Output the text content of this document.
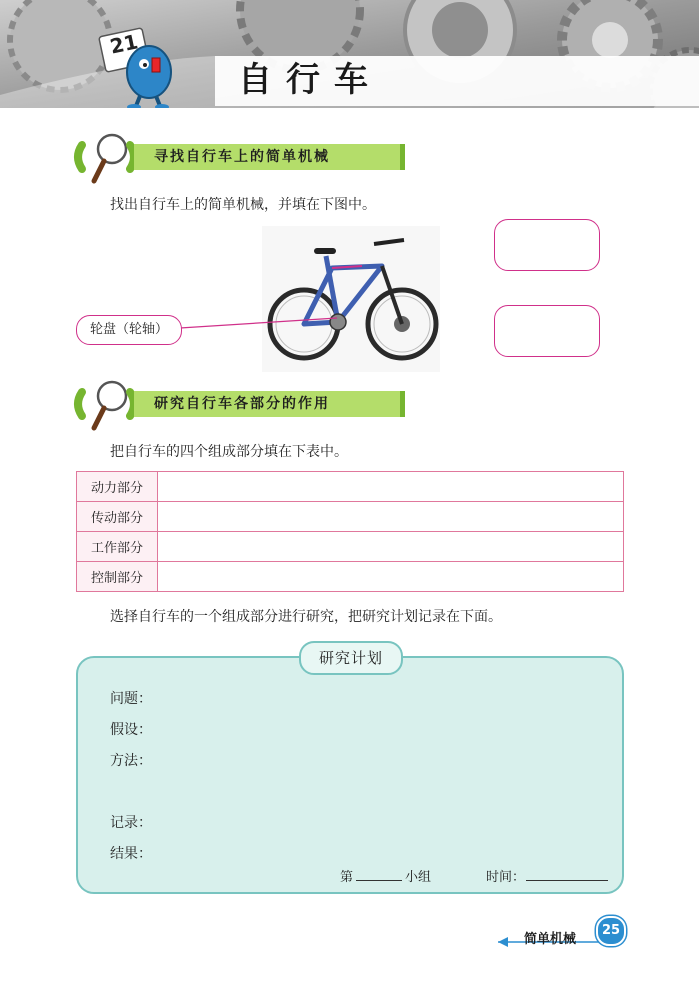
自行车
21
寻找自行车上的简单机械
找出自行车上的简单机械，并填在下图中。
轮盘（轮轴）
研究自行车各部分的作用
把自行车的四个组成部分填在下表中。
动力部分	
传动部分	
工作部分	
控制部分	
选择自行车的一个组成部分进行研究，把研究计划记录在下面。
研究计划
问题：
假设：
方法：
记录：
结果：
第	小组	时间：
简单机械
25
